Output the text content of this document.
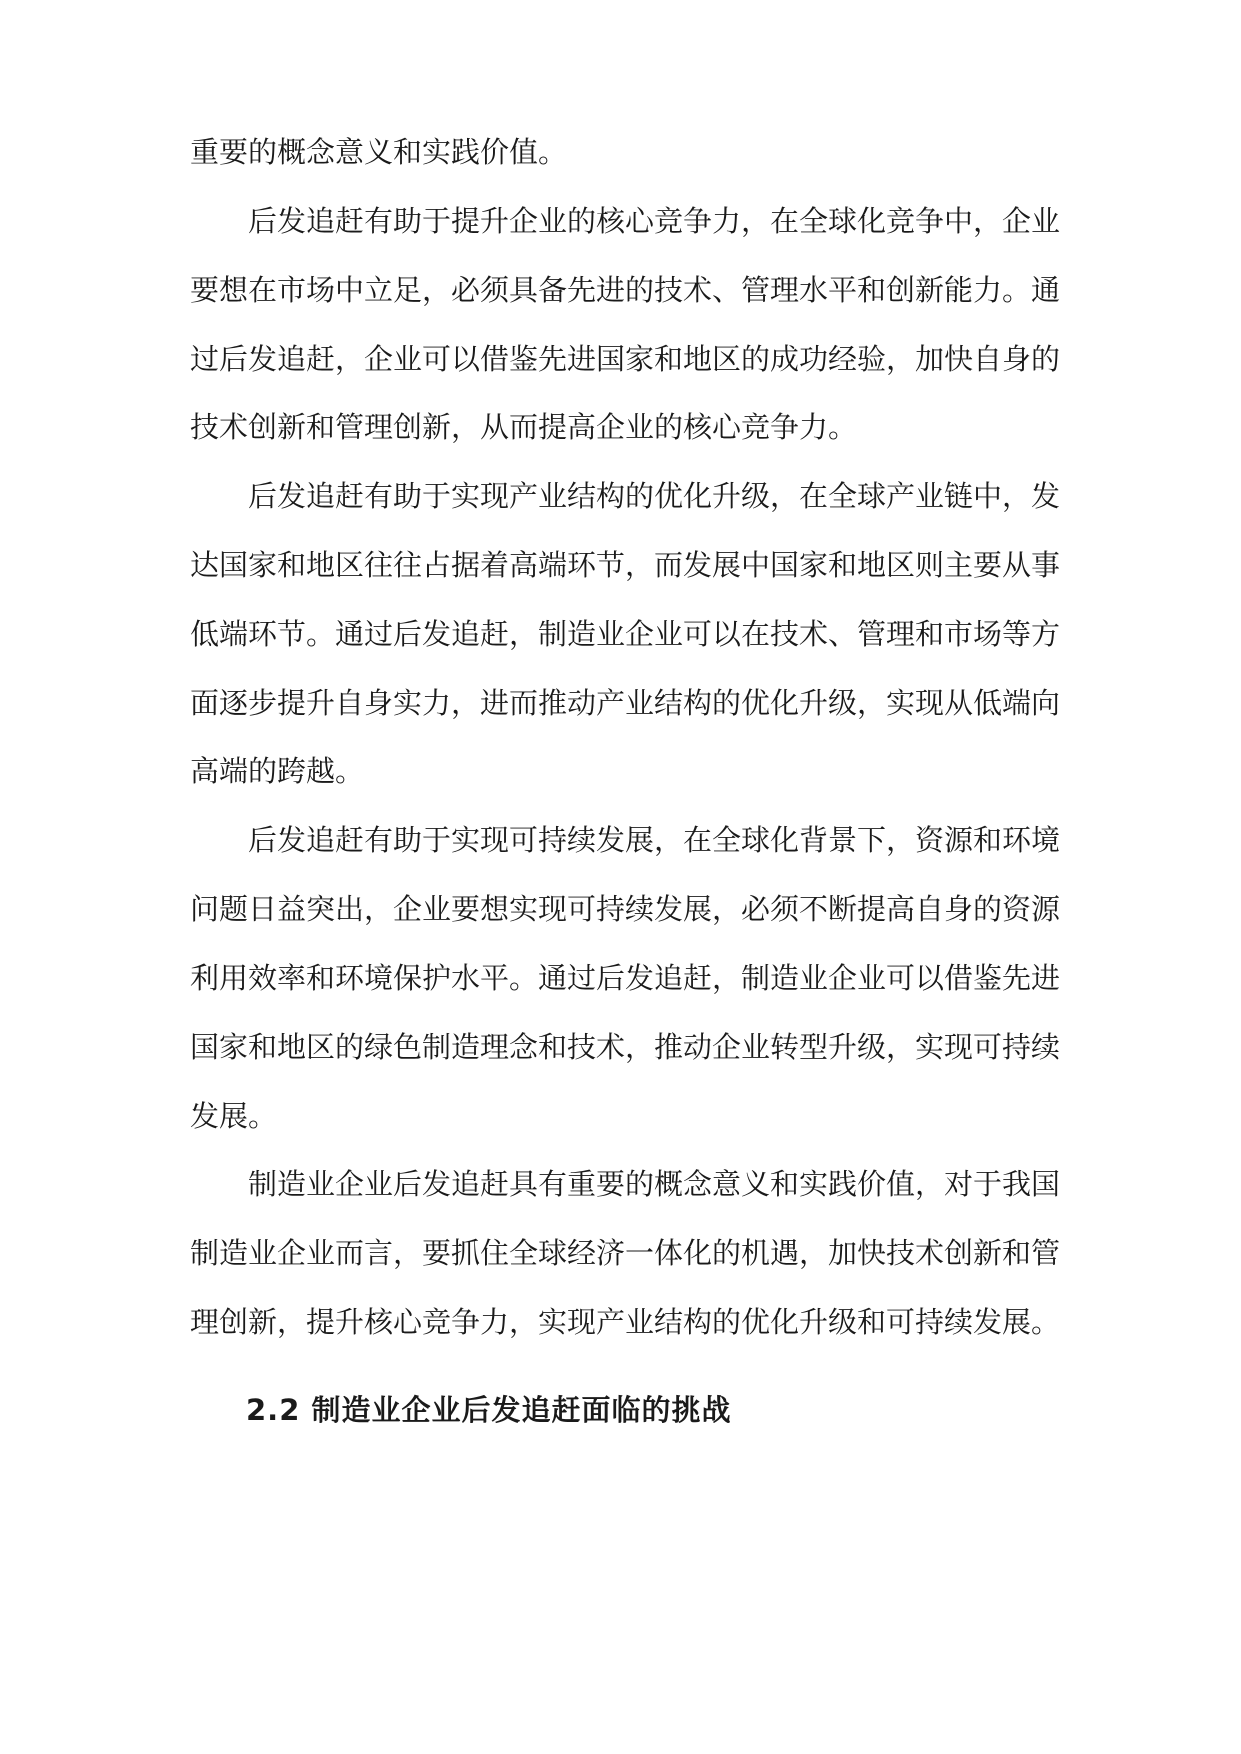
重要的概念意义和实践价值。
后发追赶有助于提升企业的核心竞争力，在全球化竞争中，企业
要想在市场中立足，必须具备先进的技术、管理水平和创新能力。通
过后发追赶，企业可以借鉴先进国家和地区的成功经验，加快自身的
技术创新和管理创新，从而提高企业的核心竞争力。
后发追赶有助于实现产业结构的优化升级，在全球产业链中，发
达国家和地区往往占据着高端环节，而发展中国家和地区则主要从事
低端环节。通过后发追赶，制造业企业可以在技术、管理和市场等方
面逐步提升自身实力，进而推动产业结构的优化升级，实现从低端向
高端的跨越。
后发追赶有助于实现可持续发展，在全球化背景下，资源和环境
问题日益突出，企业要想实现可持续发展，必须不断提高自身的资源
利用效率和环境保护水平。通过后发追赶，制造业企业可以借鉴先进
国家和地区的绿色制造理念和技术，推动企业转型升级，实现可持续
发展。
制造业企业后发追赶具有重要的概念意义和实践价值，对于我国
制造业企业而言，要抓住全球经济一体化的机遇，加快技术创新和管
理创新，提升核心竞争力，实现产业结构的优化升级和可持续发展。
2.2 制造业企业后发追赶面临的挑战
